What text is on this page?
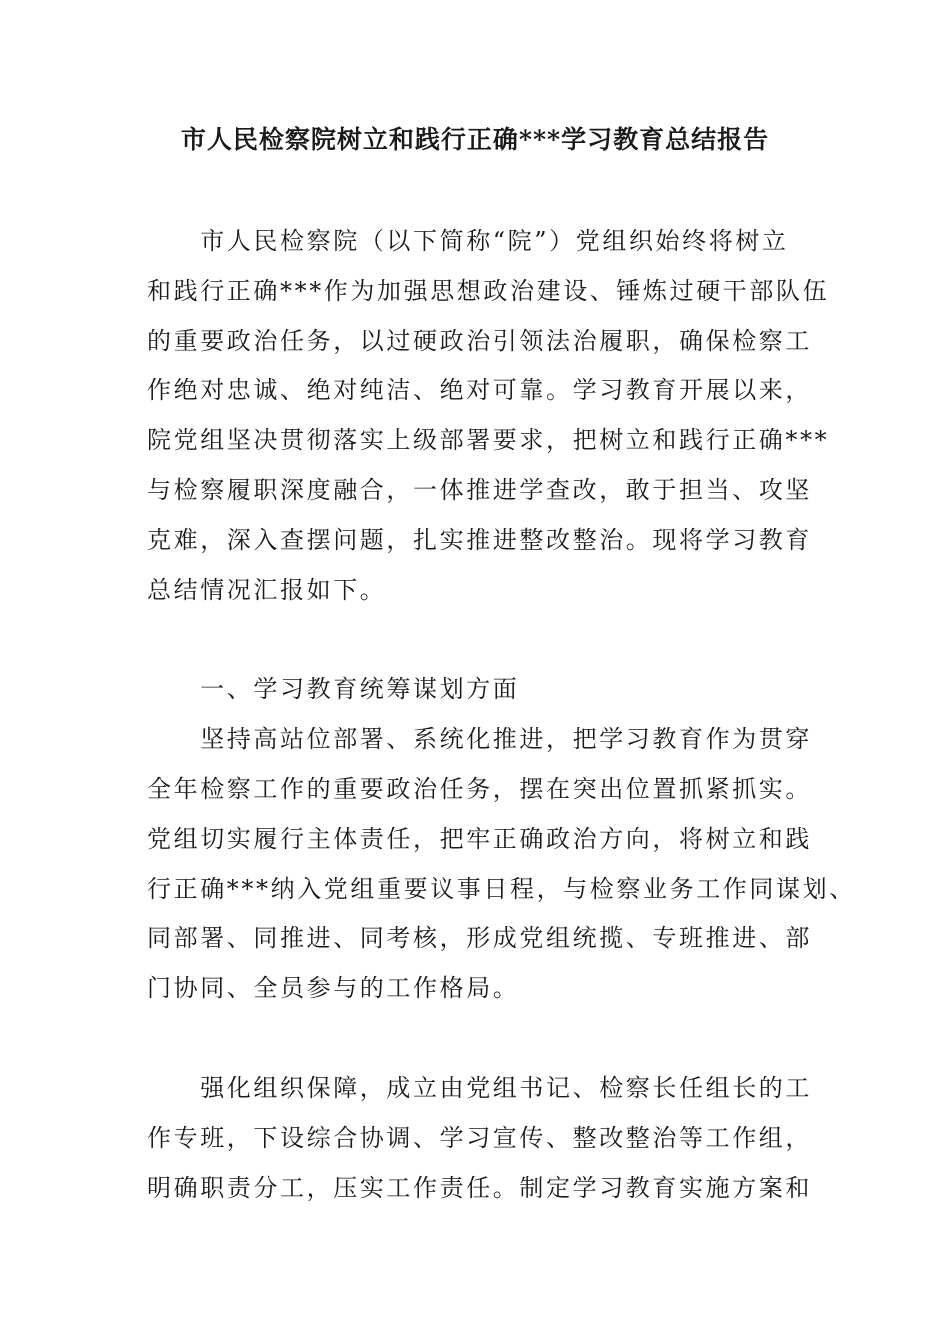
市人民检察院树立和践行正确***学习教育总结报告

　　市人民检察院（以下简称“院”）党组织始终将树立

和践行正确***作为加强思想政治建设、锤炼过硬干部队伍

的重要政治任务，以过硬政治引领法治履职，确保检察工

作绝对忠诚、绝对纯洁、绝对可靠。学习教育开展以来，

院党组坚决贯彻落实上级部署要求，把树立和践行正确***

与检察履职深度融合，一体推进学查改，敢于担当、攻坚

克难，深入查摆问题，扎实推进整改整治。现将学习教育

总结情况汇报如下。

　　一、学习教育统筹谋划方面

　　坚持高站位部署、系统化推进，把学习教育作为贯穿

全年检察工作的重要政治任务，摆在突出位置抓紧抓实。

党组切实履行主体责任，把牢正确政治方向，将树立和践

行正确***纳入党组重要议事日程，与检察业务工作同谋划、

同部署、同推进、同考核，形成党组统揽、专班推进、部

门协同、全员参与的工作格局。

　　强化组织保障，成立由党组书记、检察长任组长的工

作专班，下设综合协调、学习宣传、整改整治等工作组，

明确职责分工，压实工作责任。制定学习教育实施方案和
